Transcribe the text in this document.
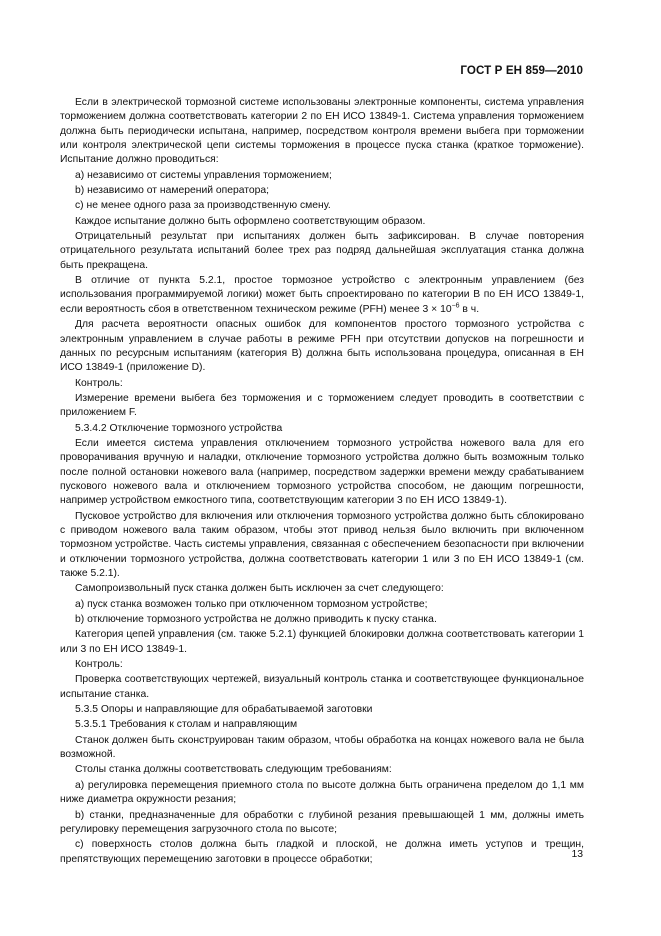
ГОСТ Р ЕН 859—2010

Если в электрической тормозной системе использованы электронные компоненты, система управления торможением должна соответствовать категории 2 по ЕН ИСО 13849-1. Система управления торможением должна быть периодически испытана, например, посредством контроля времени выбега при торможении или контроля электрической цепи системы торможения в процессе пуска станка (краткое торможение). Испытание должно проводиться:

a) независимо от системы управления торможением;

b) независимо от намерений оператора;

c) не менее одного раза за производственную смену.

Каждое испытание должно быть оформлено соответствующим образом.

Отрицательный результат при испытаниях должен быть зафиксирован. В случае повторения отрицательного результата испытаний более трех раз подряд дальнейшая эксплуатация станка должна быть прекращена.

В отличие от пункта 5.2.1, простое тормозное устройство с электронным управлением (без использования программируемой логики) может быть спроектировано по категории В по ЕН ИСО 13849-1, если вероятность сбоя в ответственном техническом режиме (PFH) менее $3 \times 10^{-6}$ в ч.

Для расчета вероятности опасных ошибок для компонентов простого тормозного устройства с электронным управлением в случае работы в режиме PFH при отсутствии допусков на погрешности и данных по ресурсным испытаниям (категория В) должна быть использована процедура, описанная в ЕН ИСО 13849-1 (приложение D).

Контроль:

Измерение времени выбега без торможения и с торможением следует проводить в соответствии с приложением F.

5.3.4.2 Отключение тормозного устройства

Если имеется система управления отключением тормозного устройства ножевого вала для его проворачивания вручную и наладки, отключение тормозного устройства должно быть возможным только после полной остановки ножевого вала (например, посредством задержки времени между срабатыванием пускового ножевого вала и отключением тормозного устройства способом, не дающим погрешности, например устройством емкостного типа, соответствующим категории 3 по ЕН ИСО 13849-1).

Пусковое устройство для включения или отключения тормозного устройства должно быть сблокировано с приводом ножевого вала таким образом, чтобы этот привод нельзя было включить при включенном тормозном устройстве. Часть системы управления, связанная с обеспечением безопасности при включении и отключении тормозного устройства, должна соответствовать категории 1 или 3 по ЕН ИСО 13849-1 (см. также 5.2.1).

Самопроизвольный пуск станка должен быть исключен за счет следующего:

a) пуск станка возможен только при отключенном тормозном устройстве;

b) отключение тормозного устройства не должно приводить к пуску станка.

Категория цепей управления (см. также 5.2.1) функцией блокировки должна соответствовать категории 1 или 3 по ЕН ИСО 13849-1.

Контроль:

Проверка соответствующих чертежей, визуальный контроль станка и соответствующее функциональное испытание станка.

5.3.5 Опоры и направляющие для обрабатываемой заготовки

5.3.5.1 Требования к столам и направляющим

Станок должен быть сконструирован таким образом, чтобы обработка на концах ножевого вала не была возможной.

Столы станка должны соответствовать следующим требованиям:

a) регулировка перемещения приемного стола по высоте должна быть ограничена пределом до 1,1 мм ниже диаметра окружности резания;

b) станки, предназначенные для обработки с глубиной резания превышающей 1 мм, должны иметь регулировку перемещения загрузочного стола по высоте;

c) поверхность столов должна быть гладкой и плоской, не должна иметь уступов и трещин, препятствующих перемещению заготовки в процессе обработки;	13
